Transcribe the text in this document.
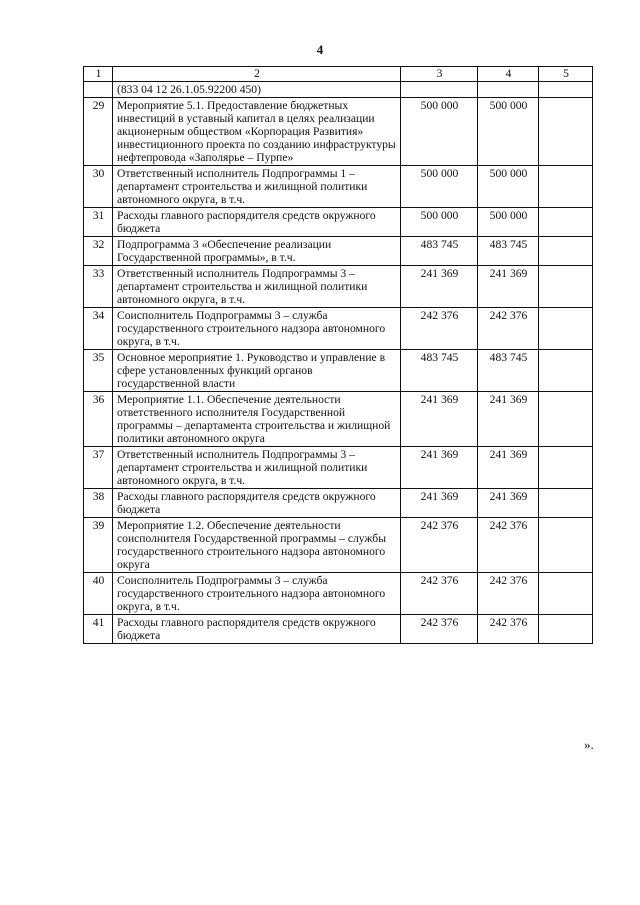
4
1	2	3	4	5
	(833 04 12 26.1.05.92200 450)			
29	Мероприятие 5.1. Предоставление бюджетных инвестиций в уставный капитал в целях реализации акционерным обществом «Корпорация Развития» инвестиционного проекта по созданию инфраструктуры нефтепровода «Заполярье – Пурпе»	500 000	500 000	
30	Ответственный исполнитель Подпрограммы 1 – департамент строительства и жилищной политики автономного округа, в т.ч.	500 000	500 000	
31	Расходы главного распорядителя средств окружного бюджета	500 000	500 000	
32	Подпрограмма 3 «Обеспечение реализации Государственной программы», в т.ч.	483 745	483 745	
33	Ответственный исполнитель Подпрограммы 3 – департамент строительства и жилищной политики автономного округа, в т.ч.	241 369	241 369	
34	Соисполнитель Подпрограммы 3 – служба государственного строительного надзора автономного округа, в т.ч.	242 376	242 376	
35	Основное мероприятие 1. Руководство и управление в сфере установленных функций органов государственной власти	483 745	483 745	
36	Мероприятие 1.1. Обеспечение деятельности ответственного исполнителя Государственной программы – департамента строительства и жилищной политики автономного округа	241 369	241 369	
37	Ответственный исполнитель Подпрограммы 3 – департамент строительства и жилищной политики автономного округа, в т.ч.	241 369	241 369	
38	Расходы главного распорядителя средств окружного бюджета	241 369	241 369	
39	Мероприятие 1.2. Обеспечение деятельности соисполнителя Государственной программы – службы государственного строительного надзора автономного округа	242 376	242 376	
40	Соисполнитель Подпрограммы 3 – служба государственного строительного надзора автономного округа, в т.ч.	242 376	242 376	
41	Расходы главного распорядителя средств окружного бюджета	242 376	242 376	
».
